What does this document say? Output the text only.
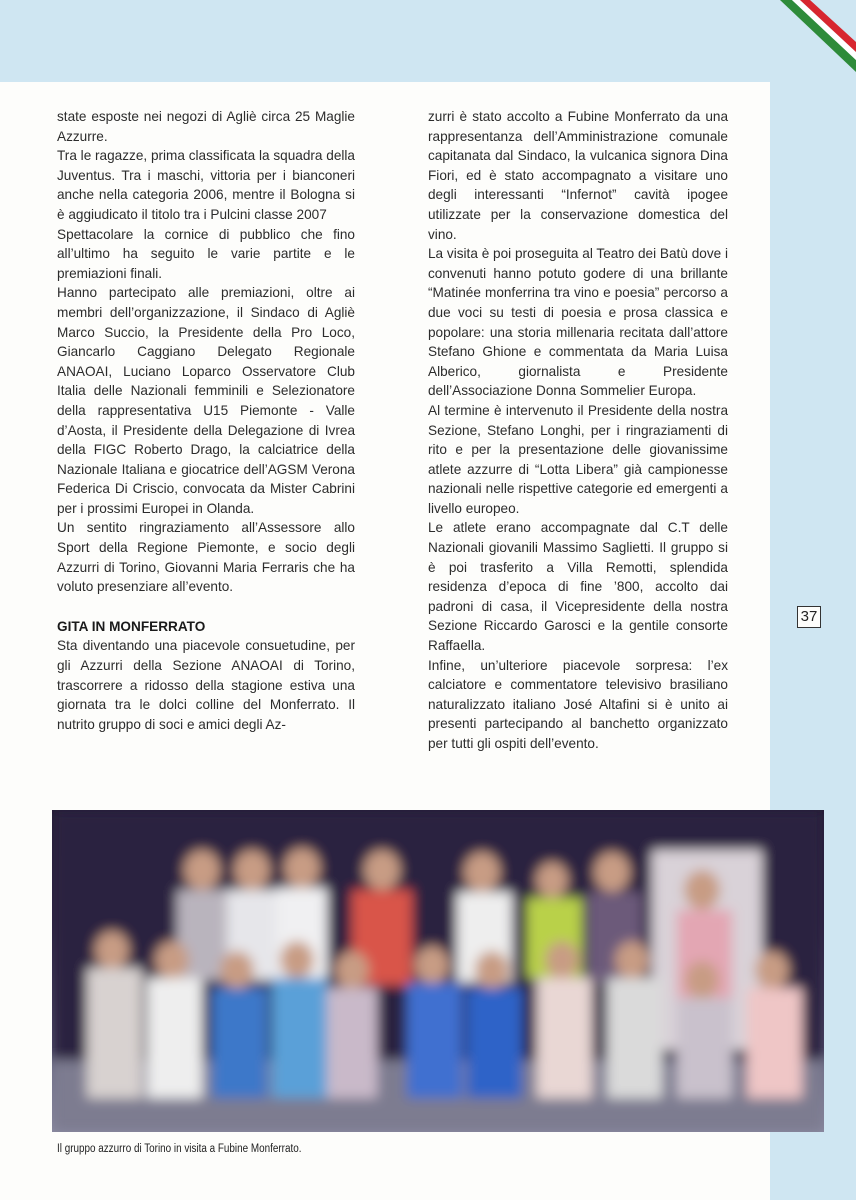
37

state esposte nei negozi di Agliè circa 25 Maglie Azzurre.

Tra le ragazze, prima classificata la squadra della Juventus. Tra i maschi, vittoria per i bianconeri anche nella categoria 2006, mentre il Bologna si è aggiudicato il titolo tra i Pulcini classe 2007

Spettacolare la cornice di pubblico che fino all’ultimo ha seguito le varie partite e le premiazioni finali.

Hanno partecipato alle premiazioni, oltre ai membri dell’organizzazione, il Sindaco di Agliè Marco Succio, la Presidente della Pro Loco, Giancarlo Caggiano Delegato Regionale ANAOAI, Luciano Loparco Osservatore Club Italia delle Nazionali femminili e Selezionatore della rappresentativa U15 Piemonte - Valle d’Aosta, il Presidente della Delegazione di Ivrea della FIGC Roberto Drago, la calciatrice della Nazionale Italiana e giocatrice dell’AGSM Verona Federica Di Criscio, convocata da Mister Cabrini per i prossimi Europei in Olanda.

Un sentito ringraziamento all’Assessore allo Sport della Regione Piemonte, e socio degli Azzurri di Torino, Giovanni Maria Ferraris che ha voluto presenziare all’evento.

GITA IN MONFERRATO

Sta diventando una piacevole consuetudine, per gli Azzurri della Sezione ANAOAI di Torino, trascorrere a ridosso della stagione estiva una giornata tra le dolci colline del Monferrato. Il nutrito gruppo di soci e amici degli Az-

zurri è stato accolto a Fubine Monferrato da una rappresentanza dell’Amministrazione comunale capitanata dal Sindaco, la vulcanica signora Dina Fiori, ed è stato accompagnato a visitare uno degli interessanti “Infernot” cavità ipogee utilizzate per la conservazione domestica del vino.

La visita è poi proseguita al Teatro dei Batù dove i convenuti hanno potuto godere di una brillante “Matinée monferrina tra vino e poesia” percorso a due voci su testi di poesia e prosa classica e popolare: una storia millenaria recitata dall’attore Stefano Ghione e commentata da Maria Luisa Alberico, giornalista e Presidente dell’Associazione Donna Sommelier Europa.

Al termine è intervenuto il Presidente della nostra Sezione, Stefano Longhi, per i ringraziamenti di rito e per la presentazione delle giovanissime atlete azzurre di “Lotta Libera” già campionesse nazionali nelle rispettive categorie ed emergenti a livello europeo.

Le atlete erano accompagnate dal C.T delle Nazionali giovanili Massimo Saglietti. Il gruppo si è poi trasferito a Villa Remotti, splendida residenza d’epoca di fine ’800, accolto dai padroni di casa, il Vicepresidente della nostra Sezione Riccardo Garosci e la gentile consorte Raffaella.

Infine, un’ulteriore piacevole sorpresa: l’ex calciatore e commentatore televisivo brasiliano naturalizzato italiano José Altafini si è unito ai presenti partecipando al banchetto organizzato per tutti gli ospiti dell’evento.

Il gruppo azzurro di Torino in visita a Fubine Monferrato.
